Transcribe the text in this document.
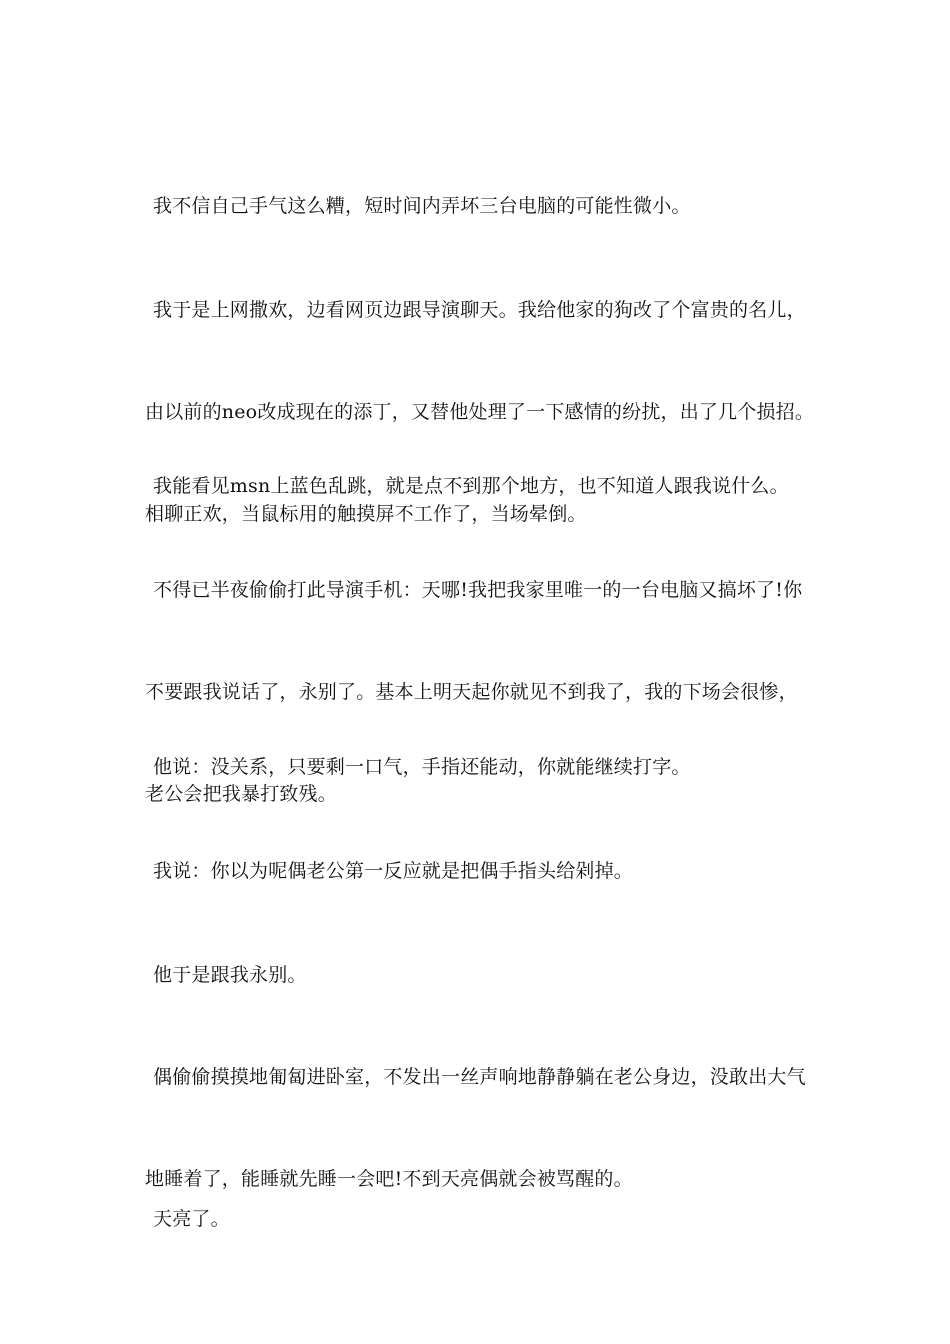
我不信自己手气这么糟，短时间内弄坏三台电脑的可能性微小。

我于是上网撒欢，边看网页边跟导演聊天。我给他家的狗改了个富贵的名儿，

由以前的neo改成现在的添丁，又替他处理了一下感情的纷扰，出了几个损招。

相聊正欢，当鼠标用的触摸屏不工作了，当场晕倒。

我能看见msn上蓝色乱跳，就是点不到那个地方，也不知道人跟我说什么。

不得已半夜偷偷打此导演手机：天哪!我把我家里唯一的一台电脑又搞坏了!你

不要跟我说话了，永别了。基本上明天起你就见不到我了，我的下场会很惨，

老公会把我暴打致残。

他说：没关系，只要剩一口气，手指还能动，你就能继续打字。

我说：你以为呢偶老公第一反应就是把偶手指头给剁掉。

他于是跟我永别。

偶偷偷摸摸地匍匐进卧室，不发出一丝声响地静静躺在老公身边，没敢出大气

地睡着了，能睡就先睡一会吧!不到天亮偶就会被骂醒的。

天亮了。
